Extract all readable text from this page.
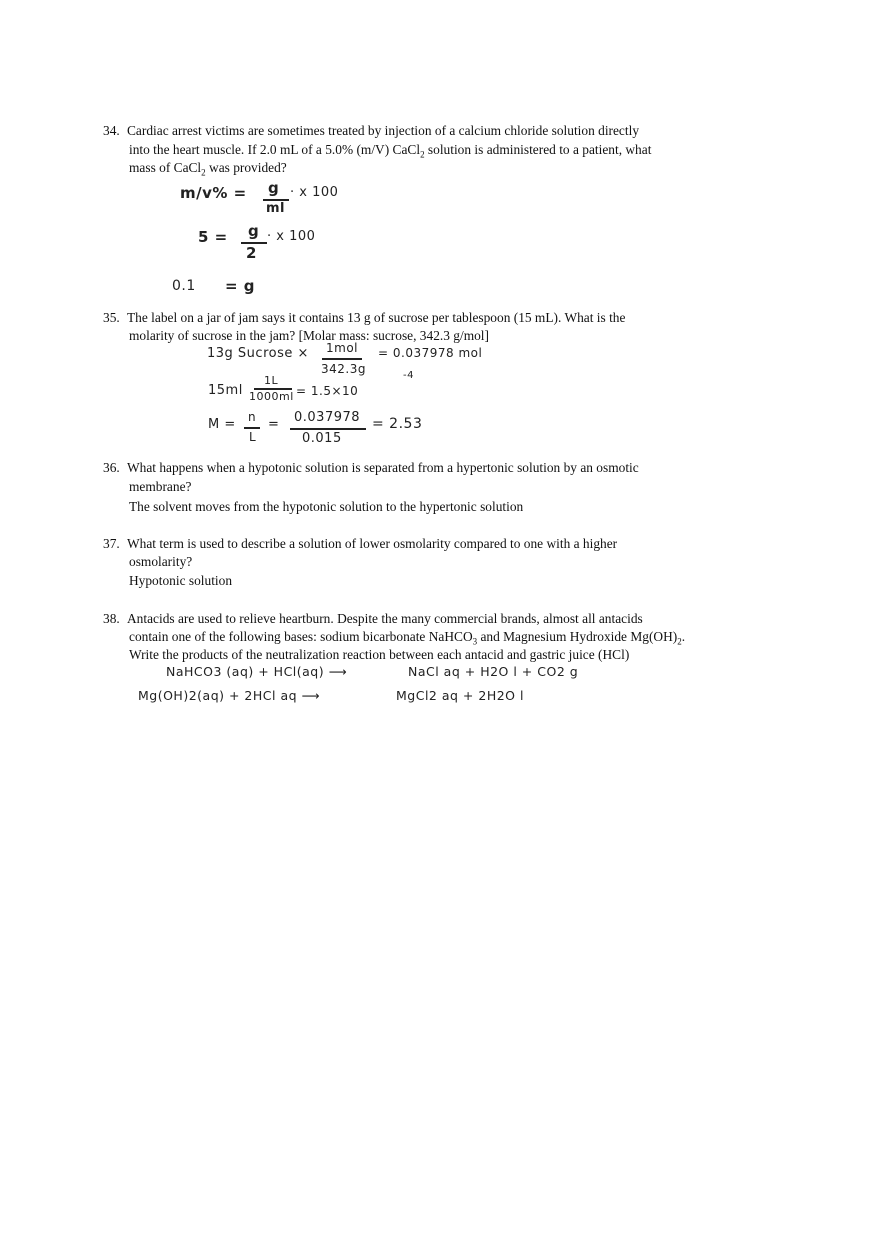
34. Cardiac arrest victims are sometimes treated by injection of a calcium chloride solution directly
into the heart muscle. If 2.0 mL of a 5.0% (m/V) CaCl$_2$ solution is administered to a patient, what
mass of CaCl$_2$ was provided?
m/v% = g
ml
· x 100
5 = g
2
· x 100
0.1 = g
35. The label on a jar of jam says it contains 13 g of sucrose per tablespoon (15 mL). What is the
molarity of sucrose in the jam? [Molar mass: sucrose, 342.3 g/mol]
13g Sucrose × 1mol
342.3g
= 0.037978 mol
15ml
1L
1000ml = 1.5×10
-4
M = n
L
= 0.037978
0.015
= 2.53
36. What happens when a hypotonic solution is separated from a hypertonic solution by an osmotic
membrane?
The solvent moves from the hypotonic solution to the hypertonic solution
37. What term is used to describe a solution of lower osmolarity compared to one with a higher
osmolarity?
Hypotonic solution
38. Antacids are used to relieve heartburn. Despite the many commercial brands, almost all antacids
contain one of the following bases: sodium bicarbonate NaHCO$_3$ and Magnesium Hydroxide $Mg(OH)_2$.
Write the products of the neutralization reaction between each antacid and gastric juice (HCl)
NaHCO3 (aq) + HCl(aq) ⟶	NaCl aq + H2O l + CO2 g
Mg(OH)2(aq) + 2HCl aq ⟶	MgCl2 aq + 2H2O l
